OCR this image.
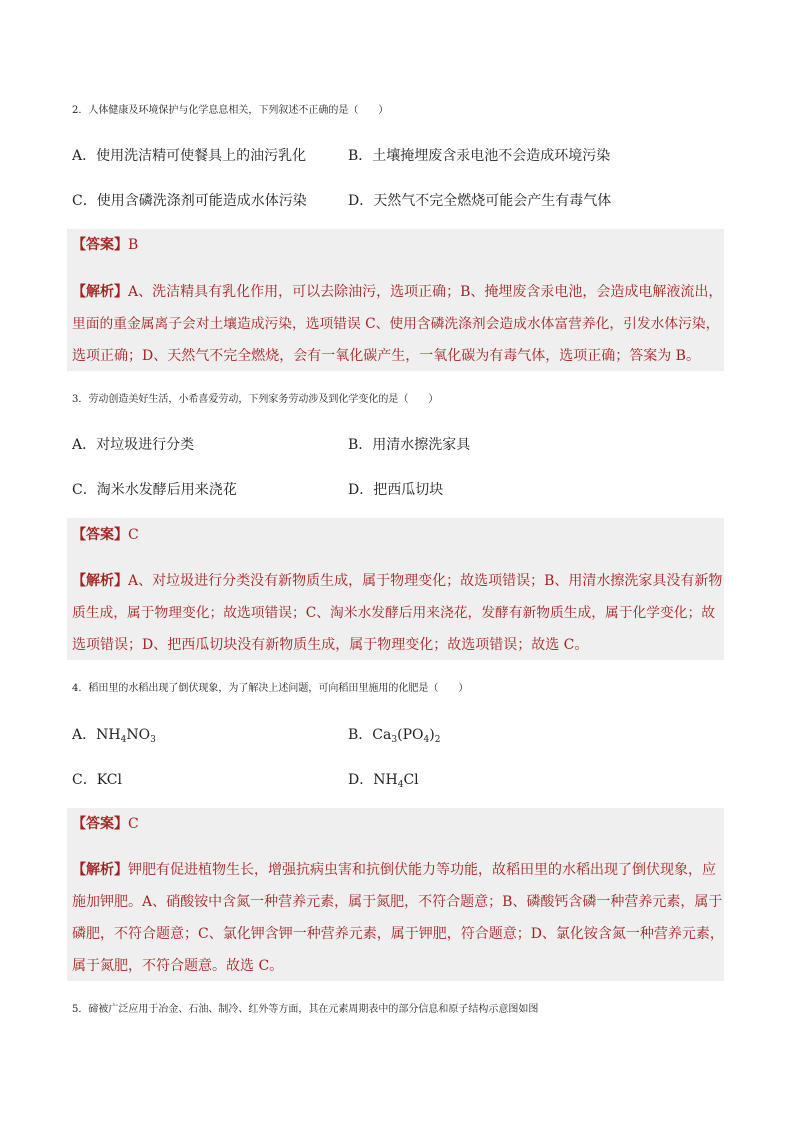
2．人体健康及环境保护与化学息息相关，下列叙述不正确的是（　　）
A．使用洗洁精可使餐具上的油污乳化	B．土壤掩埋废含汞电池不会造成环境污染
C．使用含磷洗涤剂可能造成水体污染	D．天然气不完全燃烧可能会产生有毒气体
【答案】B
【解析】A、洗洁精具有乳化作用，可以去除油污，选项正确；B、掩埋废含汞电池，会造成电解液流出，
里面的重金属离子会对土壤造成污染，选项错误 C、使用含磷洗涤剂会造成水体富营养化，引发水体污染，
选项正确；D、天然气不完全燃烧，会有一氧化碳产生，一氧化碳为有毒气体，选项正确；答案为 B。
3．劳动创造美好生活，小希喜爱劳动，下列家务劳动涉及到化学变化的是（　　）
A．对垃圾进行分类	B．用清水擦洗家具
C．淘米水发酵后用来浇花	D．把西瓜切块
【答案】C
【解析】A、对垃圾进行分类没有新物质生成，属于物理变化；故选项错误；B、用清水擦洗家具没有新物
质生成，属于物理变化；故选项错误；C、淘米水发酵后用来浇花，发酵有新物质生成，属于化学变化；故
选项错误；D、把西瓜切块没有新物质生成，属于物理变化；故选项错误；故选 C。
4．稻田里的水稻出现了倒伏现象，为了解决上述问题，可向稻田里施用的化肥是（　　）
A．$NH_4NO_3$	B．$Ca_3(PO_4)_2$
C．KCl	D．$NH_4Cl$
【答案】C
【解析】钾肥有促进植物生长，增强抗病虫害和抗倒伏能力等功能，故稻田里的水稻出现了倒伏现象，应
施加钾肥。A、硝酸铵中含氮一种营养元素，属于氮肥，不符合题意；B、磷酸钙含磷一种营养元素，属于
磷肥，不符合题意；C、氯化钾含钾一种营养元素，属于钾肥，符合题意；D、氯化铵含氮一种营养元素，
属于氮肥，不符合题意。故选 C。
5．碲被广泛应用于冶金、石油、制冷、红外等方面，其在元素周期表中的部分信息和原子结构示意图如图
